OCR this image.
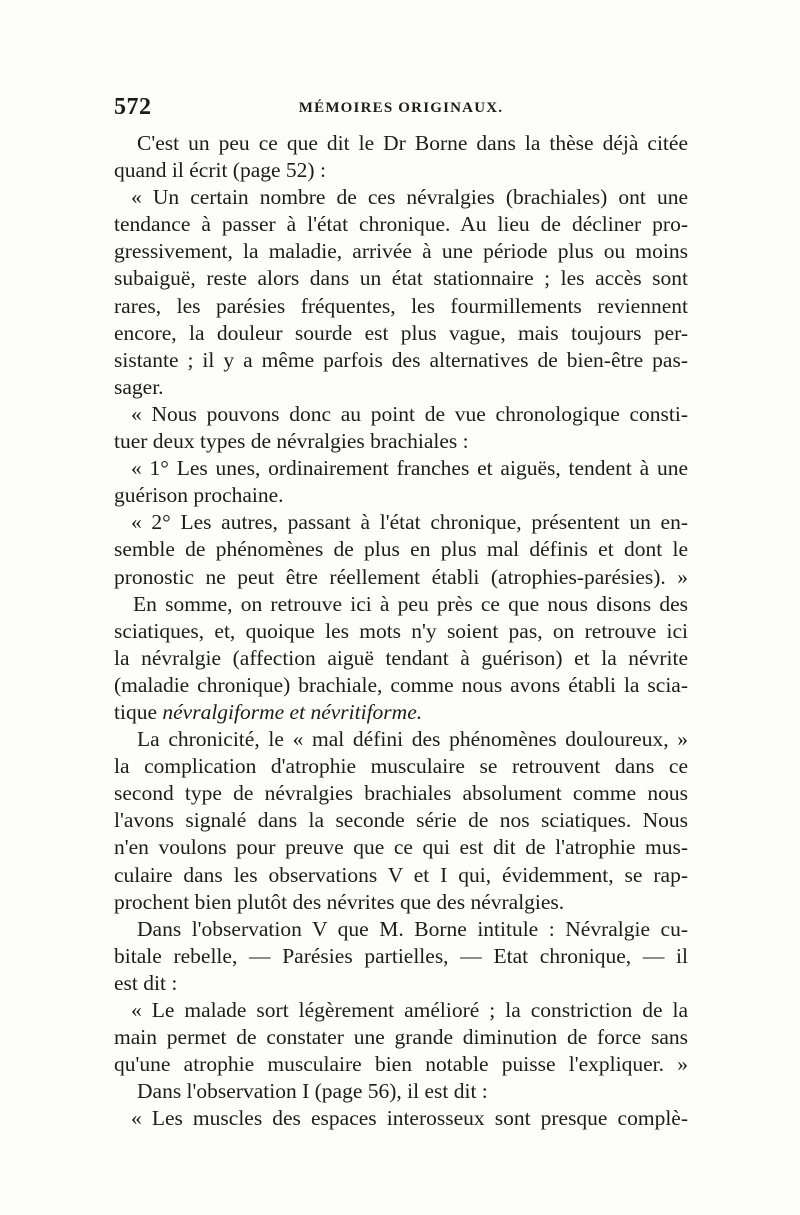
572	MÉMOIRES ORIGINAUX.
C'est un peu ce que dit le Dr Borne dans la thèse déjà citée
quand il écrit (page 52) :
« Un certain nombre de ces névralgies (brachiales) ont une
tendance à passer à l'état chronique. Au lieu de décliner pro-
gressivement, la maladie, arrivée à une période plus ou moins
subaiguë, reste alors dans un état stationnaire ; les accès sont
rares, les parésies fréquentes, les fourmillements reviennent
encore, la douleur sourde est plus vague, mais toujours per-
sistante ; il y a même parfois des alternatives de bien-être pas-
sager.
« Nous pouvons donc au point de vue chronologique consti-
tuer deux types de névralgies brachiales :
« 1° Les unes, ordinairement franches et aiguës, tendent à une
guérison prochaine.
« 2° Les autres, passant à l'état chronique, présentent un en-
semble de phénomènes de plus en plus mal définis et dont le
pronostic ne peut être réellement établi (atrophies-parésies). »
En somme, on retrouve ici à peu près ce que nous disons des
sciatiques, et, quoique les mots n'y soient pas, on retrouve ici
la névralgie (affection aiguë tendant à guérison) et la névrite
(maladie chronique) brachiale, comme nous avons établi la scia-
tique névralgiforme et névritiforme.
La chronicité, le « mal défini des phénomènes douloureux, »
la complication d'atrophie musculaire se retrouvent dans ce
second type de névralgies brachiales absolument comme nous
l'avons signalé dans la seconde série de nos sciatiques. Nous
n'en voulons pour preuve que ce qui est dit de l'atrophie mus-
culaire dans les observations V et I qui, évidemment, se rap-
prochent bien plutôt des névrites que des névralgies.
Dans l'observation V que M. Borne intitule : Névralgie cu-
bitale rebelle, — Parésies partielles, — Etat chronique, — il
est dit :
« Le malade sort légèrement amélioré ; la constriction de la
main permet de constater une grande diminution de force sans
qu'une atrophie musculaire bien notable puisse l'expliquer. »
Dans l'observation I (page 56), il est dit :
« Les muscles des espaces interosseux sont presque complè-
